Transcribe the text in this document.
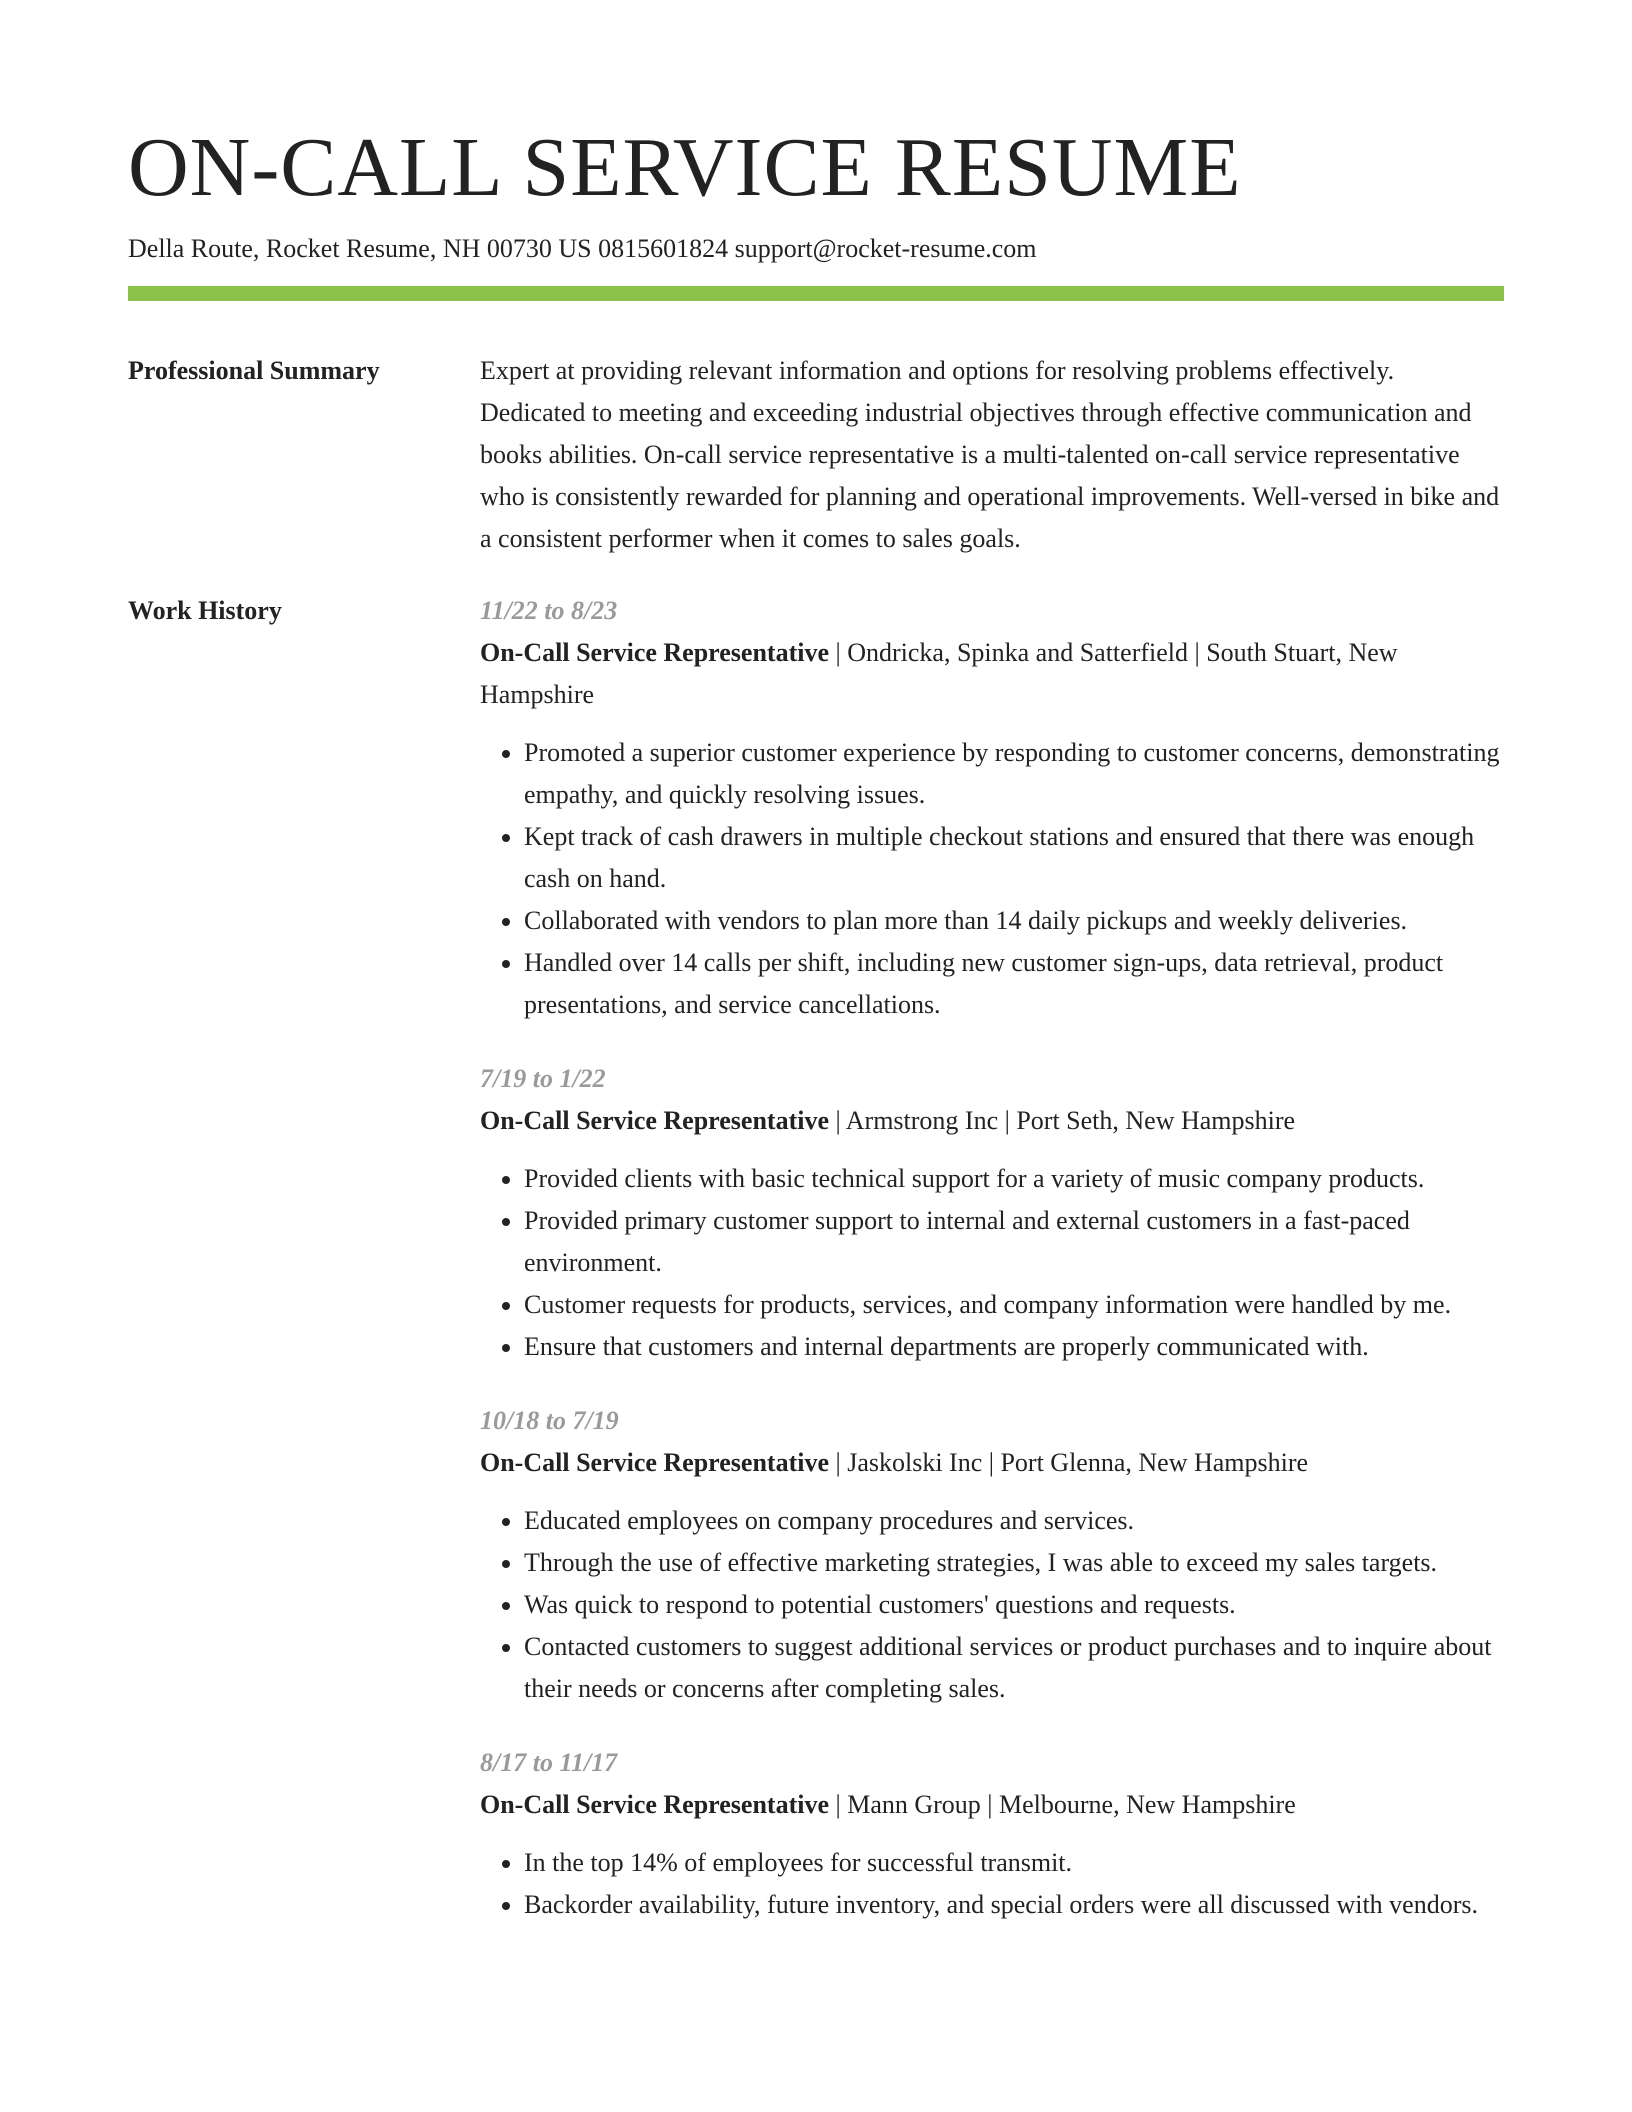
ON-CALL SERVICE RESUME
Della Route, Rocket Resume, NH 00730 US 0815601824 support@rocket-resume.com
Professional Summary	Expert at providing relevant information and options for resolving problems effectively. Dedicated to meeting and exceeding industrial objectives through effective communication and books abilities. On-call service representative is a multi-talented on-call service representative who is consistently rewarded for planning and operational improvements. Well-versed in bike and a consistent performer when it comes to sales goals.

Work History	11/22 to 8/23
On-Call Service Representative | Ondricka, Spinka and Satterfield | South Stuart, New Hampshire
• Promoted a superior customer experience by responding to customer concerns, demonstrating empathy, and quickly resolving issues.
• Kept track of cash drawers in multiple checkout stations and ensured that there was enough cash on hand.
• Collaborated with vendors to plan more than 14 daily pickups and weekly deliveries.
• Handled over 14 calls per shift, including new customer sign-ups, data retrieval, product presentations, and service cancellations.
7/19 to 1/22
On-Call Service Representative | Armstrong Inc | Port Seth, New Hampshire
• Provided clients with basic technical support for a variety of music company products.
• Provided primary customer support to internal and external customers in a fast-paced environment.
• Customer requests for products, services, and company information were handled by me.
• Ensure that customers and internal departments are properly communicated with.
10/18 to 7/19
On-Call Service Representative | Jaskolski Inc | Port Glenna, New Hampshire
• Educated employees on company procedures and services.
• Through the use of effective marketing strategies, I was able to exceed my sales targets.
• Was quick to respond to potential customers' questions and requests.
• Contacted customers to suggest additional services or product purchases and to inquire about their needs or concerns after completing sales.
8/17 to 11/17
On-Call Service Representative | Mann Group | Melbourne, New Hampshire
• In the top 14% of employees for successful transmit.
• Backorder availability, future inventory, and special orders were all discussed with vendors.
